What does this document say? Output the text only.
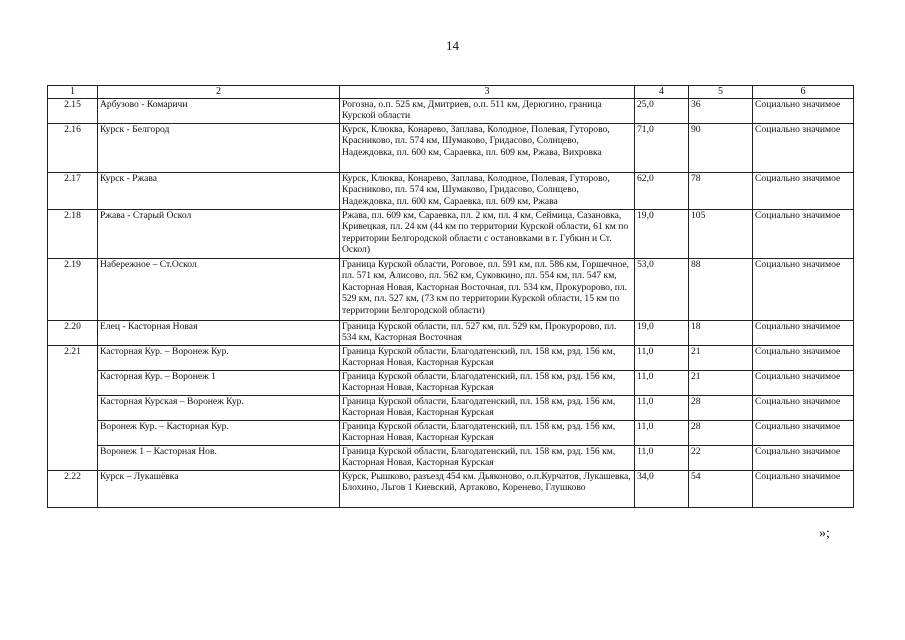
14
1	2	3	4	5	6
2.15	Арбузово - Комаричи	Рогозна, о.п. 525 км, Дмитриев, о.п. 511 км, Дерюгино, граница Курской области	25,0	36	Социально значимое
2.16	Курск - Белгород	Курск, Клюква, Конарево, Заплава, Колодное, Полевая, Гуторово, Красниково, пл. 574 км, Шумаково, Гридасово, Солнцево, Надеждовка, пл. 600 км, Сараевка, пл. 609 км, Ржава, Вихровка	71,0	90	Социально значимое
2.17	Курск - Ржава	Курск, Клюква, Конарево, Заплава, Колодное, Полевая, Гуторово, Красниково, пл. 574 км, Шумаково, Гридасово, Солнцево, Надеждовка, пл. 600 км, Сараевка, пл. 609 км, Ржава	62,0	78	Социально значимое
2.18	Ржава - Старый Оскол	Ржава, пл. 609 км, Сараевка, пл. 2 км, пл. 4 км, Сеймица, Сазановка, Кривецкая, пл. 24 км (44 км по территории Курской области, 61 км по территории Белгородской области с остановками в г. Губкин и Ст. Оскол)	19,0	105	Социально значимое
2.19	Набережное – Ст.Оскол	Граница Курской области, Роговое, пл. 591 км, пл. 586 км, Горшечное, пл. 571 км, Алисово, пл. 562 км, Суковкино, пл. 554 км, пл. 547 км, Касторная Новая, Касторная Восточная, пл. 534 км, Прокуророво, пл. 529 км, пл. 527 км, (73 км по территории Курской области, 15 км по территории Белгородской области)	53,0	88	Социально значимое
2.20	Елец - Касторная Новая	Граница Курской области, пл. 527 км, пл. 529 км, Прокуророво, пл. 534 км, Касторная Восточная	19,0	18	Социально значимое
2.21	Касторная Кур. – Воронеж Кур.	Граница Курской области, Благодатенский, пл. 158 км, рзд. 156 км, Касторная Новая, Касторная Курская	11,0	21	Социально значимое
	Касторная Кур. – Воронеж 1	Граница Курской области, Благодатенский, пл. 158 км, рзд. 156 км, Касторная Новая, Касторная Курская	11,0	21	Социально значимое
	Касторная Курская – Воронеж Кур.	Граница Курской области, Благодатенский, пл. 158 км, рзд. 156 км, Касторная Новая, Касторная Курская	11,0	28	Социально значимое
	Воронеж Кур. – Касторная Кур.	Граница Курской области, Благодатенский, пл. 158 км, рзд. 156 км, Касторная Новая, Касторная Курская	11,0	28	Социально значимое
	Воронеж 1 – Касторная Нов.	Граница Курской области, Благодатенский, пл. 158 км, рзд. 156 км, Касторная Новая, Касторная Курская	11,0	22	Социально значимое
2.22	Курск – Лукашёвка	Курск, Рышково, разъезд 454 км. Дьяконово, о.п.Курчатов, Лукашевка, Блохино, Льгов 1 Киевский, Артаково, Коренево, Глушково	34,0	54	Социально значимое
»;
